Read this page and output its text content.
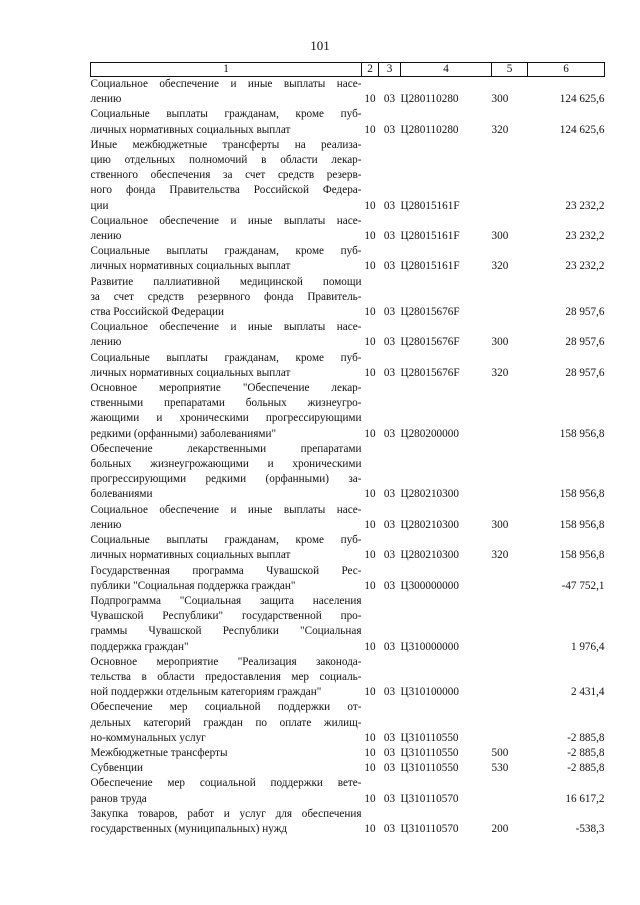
101
1	2	3	4	5	6

Социальное обеспечение и иные выплаты насе-
лению	10	03	Ц280110280	300	124 625,6

Социальные выплаты гражданам, кроме пуб-
личных нормативных социальных выплат	10	03	Ц280110280	320	124 625,6

Иные межбюджетные трансферты на реализа-
цию отдельных полномочий в области лекар-
ственного обеспечения за счет средств резерв-
ного фонда Правительства Российской Федера-
ции	10	03	Ц28015161F		23 232,2

Социальное обеспечение и иные выплаты насе-
лению	10	03	Ц28015161F	300	23 232,2

Социальные выплаты гражданам, кроме пуб-
личных нормативных социальных выплат	10	03	Ц28015161F	320	23 232,2

Развитие паллиативной медицинской помощи
за счет средств резервного фонда Правитель-
ства Российской Федерации	10	03	Ц28015676F		28 957,6

Социальное обеспечение и иные выплаты насе-
лению	10	03	Ц28015676F	300	28 957,6

Социальные выплаты гражданам, кроме пуб-
личных нормативных социальных выплат	10	03	Ц28015676F	320	28 957,6

Основное мероприятие "Обеспечение лекар-
ственными препаратами больных жизнеугро-
жающими и хроническими прогрессирующими
редкими (орфанными) заболеваниями"	10	03	Ц280200000		158 956,8

Обеспечение лекарственными препаратами
больных жизнеугрожающими и хроническими
прогрессирующими редкими (орфанными) за-
болеваниями	10	03	Ц280210300		158 956,8

Социальное обеспечение и иные выплаты насе-
лению	10	03	Ц280210300	300	158 956,8

Социальные выплаты гражданам, кроме пуб-
личных нормативных социальных выплат	10	03	Ц280210300	320	158 956,8

Государственная программа Чувашской Рес-
публики "Социальная поддержка граждан"	10	03	Ц300000000		-47 752,1

Подпрограмма "Социальная защита населения
Чувашской Республики" государственной про-
граммы Чувашской Республики "Социальная
поддержка граждан"	10	03	Ц310000000		1 976,4

Основное мероприятие "Реализация законода-
тельства в области предоставления мер социаль-
ной поддержки отдельным категориям граждан"	10	03	Ц310100000		2 431,4

Обеспечение мер социальной поддержки от-
дельных категорий граждан по оплате жилищ-
но-коммунальных услуг	10	03	Ц310110550		-2 885,8

Межбюджетные трансферты	10	03	Ц310110550	500	-2 885,8

Субвенции	10	03	Ц310110550	530	-2 885,8

Обеспечение мер социальной поддержки вете-
ранов труда	10	03	Ц310110570		16 617,2

Закупка товаров, работ и услуг для обеспечения
государственных (муниципальных) нужд	10	03	Ц310110570	200	-538,3
